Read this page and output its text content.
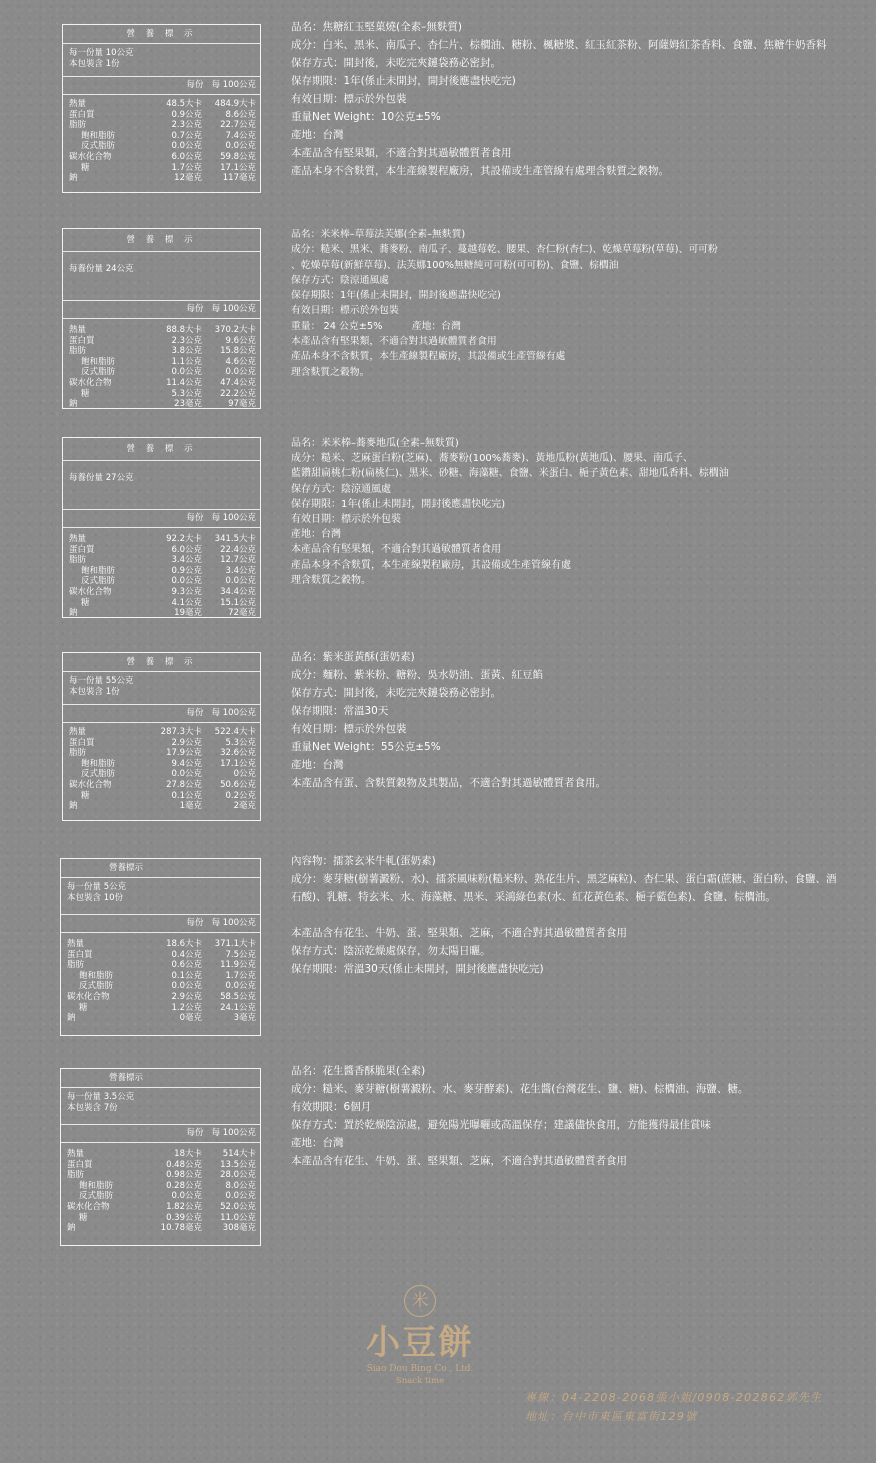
營 養 標 示
每一份量 10公克
本包裝含 1份
每份 每 100公克
熱量	48.5大卡	484.9大卡
蛋白質	0.9公克	8.6公克
脂肪	2.3公克	22.7公克
飽和脂肪	0.7公克	7.4公克
反式脂肪	0.0公克	0.0公克
碳水化合物	6.0公克	59.8公克
糖	1.7公克	17.1公克
鈉	12毫克	117毫克
品名：焦糖紅玉堅菓燒(全素–無麩質)
成分：白米、黑米、南瓜子、杏仁片、棕櫚油、糖粉、楓糖漿、紅玉紅茶粉、阿薩姆紅茶香料、食鹽、焦糖牛奶香料
保存方式：開封後，未吃完夾鏈袋務必密封。
保存期限：1年(係止未開封，開封後應盡快吃完)
有效日期：標示於外包裝
重量Net Weight：10公克±5%
產地：台灣
本產品含有堅果類，不適合對其過敏體質者食用
產品本身不含麩質，本生產線製程廠房，其設備或生產管線有處理含麩質之穀物。
營 養 標 示
每養份量 24公克
每份 每 100公克
熱量	88.8大卡	370.2大卡
蛋白質	2.3公克	9.6公克
脂肪	3.8公克	15.8公克
飽和脂肪	1.1公克	4.6公克
反式脂肪	0.0公克	0.0公克
碳水化合物	11.4公克	47.4公克
糖	5.3公克	22.2公克
鈉	23毫克	97毫克
品名：米米棒–草莓法芙娜(全素–無麩質)
成分：糙米、黑米、蕎麥粉、南瓜子、蔓越莓乾、腰果、杏仁粉(杏仁)、乾燥草莓粉(草莓)、可可粉
、乾燥草莓(新鮮草莓)、法芙娜100%無糖純可可粉(可可粉)、食鹽、棕櫚油
保存方式：陰涼通風處
保存期限：1年(係止未開封，開封後應盡快吃完)
有效日期：標示於外包裝
重量： 24 公克±5%　　　產地：台灣
本產品含有堅果類，不適合對其過敏體質者食用
產品本身不含麩質，本生產線製程廠房，其設備或生產管線有處
理含麩質之穀物。
營 養 標 示
每養份量 27公克
每份 每 100公克
熱量	92.2大卡	341.5大卡
蛋白質	6.0公克	22.4公克
脂肪	3.4公克	12.7公克
飽和脂肪	0.9公克	3.4公克
反式脂肪	0.0公克	0.0公克
碳水化合物	9.3公克	34.4公克
糖	4.1公克	15.1公克
鈉	19毫克	72毫克
品名：米米棒–蕎麥地瓜(全素–無麩質)
成分：糙米、芝麻蛋白粉(芝麻)、蕎麥粉(100%蕎麥)、黃地瓜粉(黃地瓜)、腰果、南瓜子、
藍鑽甜扁桃仁粉(扁桃仁)、黑米、砂糖、海藻糖、食鹽、米蛋白、梔子黃色素、甜地瓜香料、棕櫚油
保存方式：陰涼通風處
保存期限：1年(係止未開封，開封後應盡快吃完)
有效日期：標示於外包裝
產地：台灣
本產品含有堅果類，不適合對其過敏體質者食用
產品本身不含麩質，本生產線製程廠房，其設備或生產管線有處
理含麩質之穀物。
營 養 標 示
每一份量 55公克
本包裝含 1份
每份 每 100公克
熱量	287.3大卡	522.4大卡
蛋白質	2.9公克	5.3公克
脂肪	17.9公克	32.6公克
飽和脂肪	9.4公克	17.1公克
反式脂肪	0.0公克	0公克
碳水化合物	27.8公克	50.6公克
糖	0.1公克	0.2公克
鈉	1毫克	2毫克
品名：紫米蛋黃酥(蛋奶素)
成分：麵粉、紫米粉、糖粉、吳水奶油、蛋黃、紅豆餡
保存方式：開封後，未吃完夾鏈袋務必密封。
保存期限：常溫30天
有效日期：標示於外包裝
重量Net Weight：55公克±5%
產地：台灣
本產品含有蛋、含麩質穀物及其製品，不適合對其過敏體質者食用。
營養標示
每一份量 5公克
本包裝含 10份
每份 每 100公克
熱量	18.6大卡	371.1大卡
蛋白質	0.4公克	7.5公克
脂肪	0.6公克	11.9公克
飽和脂肪	0.1公克	1.7公克
反式脂肪	0.0公克	0.0公克
碳水化合物	2.9公克	58.5公克
糖	1.2公克	24.1公克
鈉	0毫克	3毫克
內容物：擂茶玄米牛軋(蛋奶素)
成分：麥芽糖(樹薯澱粉、水)、擂茶風味粉(糙米粉、熟花生片、黑芝麻粒)、杏仁果、蛋白霜(蔗糖、蛋白粉、食鹽、酒
石酸)、乳糖、特玄米、水、海藻糖、黑米、采鴻綠色素(水、紅花黃色素、梔子藍色素)、食鹽、棕櫚油。
本產品含有花生、牛奶、蛋、堅果類、芝麻，不適合對其過敏體質者食用
保存方式：陰涼乾燥處保存，勿太陽日曬。
保存期限：常溫30天(係止未開封，開封後應盡快吃完)
營養標示
每一份量 3.5公克
本包裝含 7份
每份 每 100公克
熱量	18大卡	514大卡
蛋白質	0.48公克	13.5公克
脂肪	0.98公克	28.0公克
飽和脂肪	0.28公克	8.0公克
反式脂肪	0.0公克	0.0公克
碳水化合物	1.82公克	52.0公克
糖	0.39公克	11.0公克
鈉	10.78毫克	308毫克
品名：花生醬香酥脆果(全素)
成分：糙米、麥芽糖(樹薯澱粉、水、麥芽酵素)、花生醬(台灣花生、鹽、糖)、棕櫚油、海鹽、糖。
有效期限：6個月
保存方式：置於乾燥陰涼處，避免陽光曝曬或高溫保存；建議儘快食用，方能獲得最佳賞味
產地：台灣
本產品含有花生、牛奶、蛋、堅果類、芝麻，不適合對其過敏體質者食用
米
小豆餅
Siao Dou Bing Co., Ltd.
Snack time
專線：04-2208-2068張小姐/0908-202862郭先生
地址：台中市東區東富街129號
